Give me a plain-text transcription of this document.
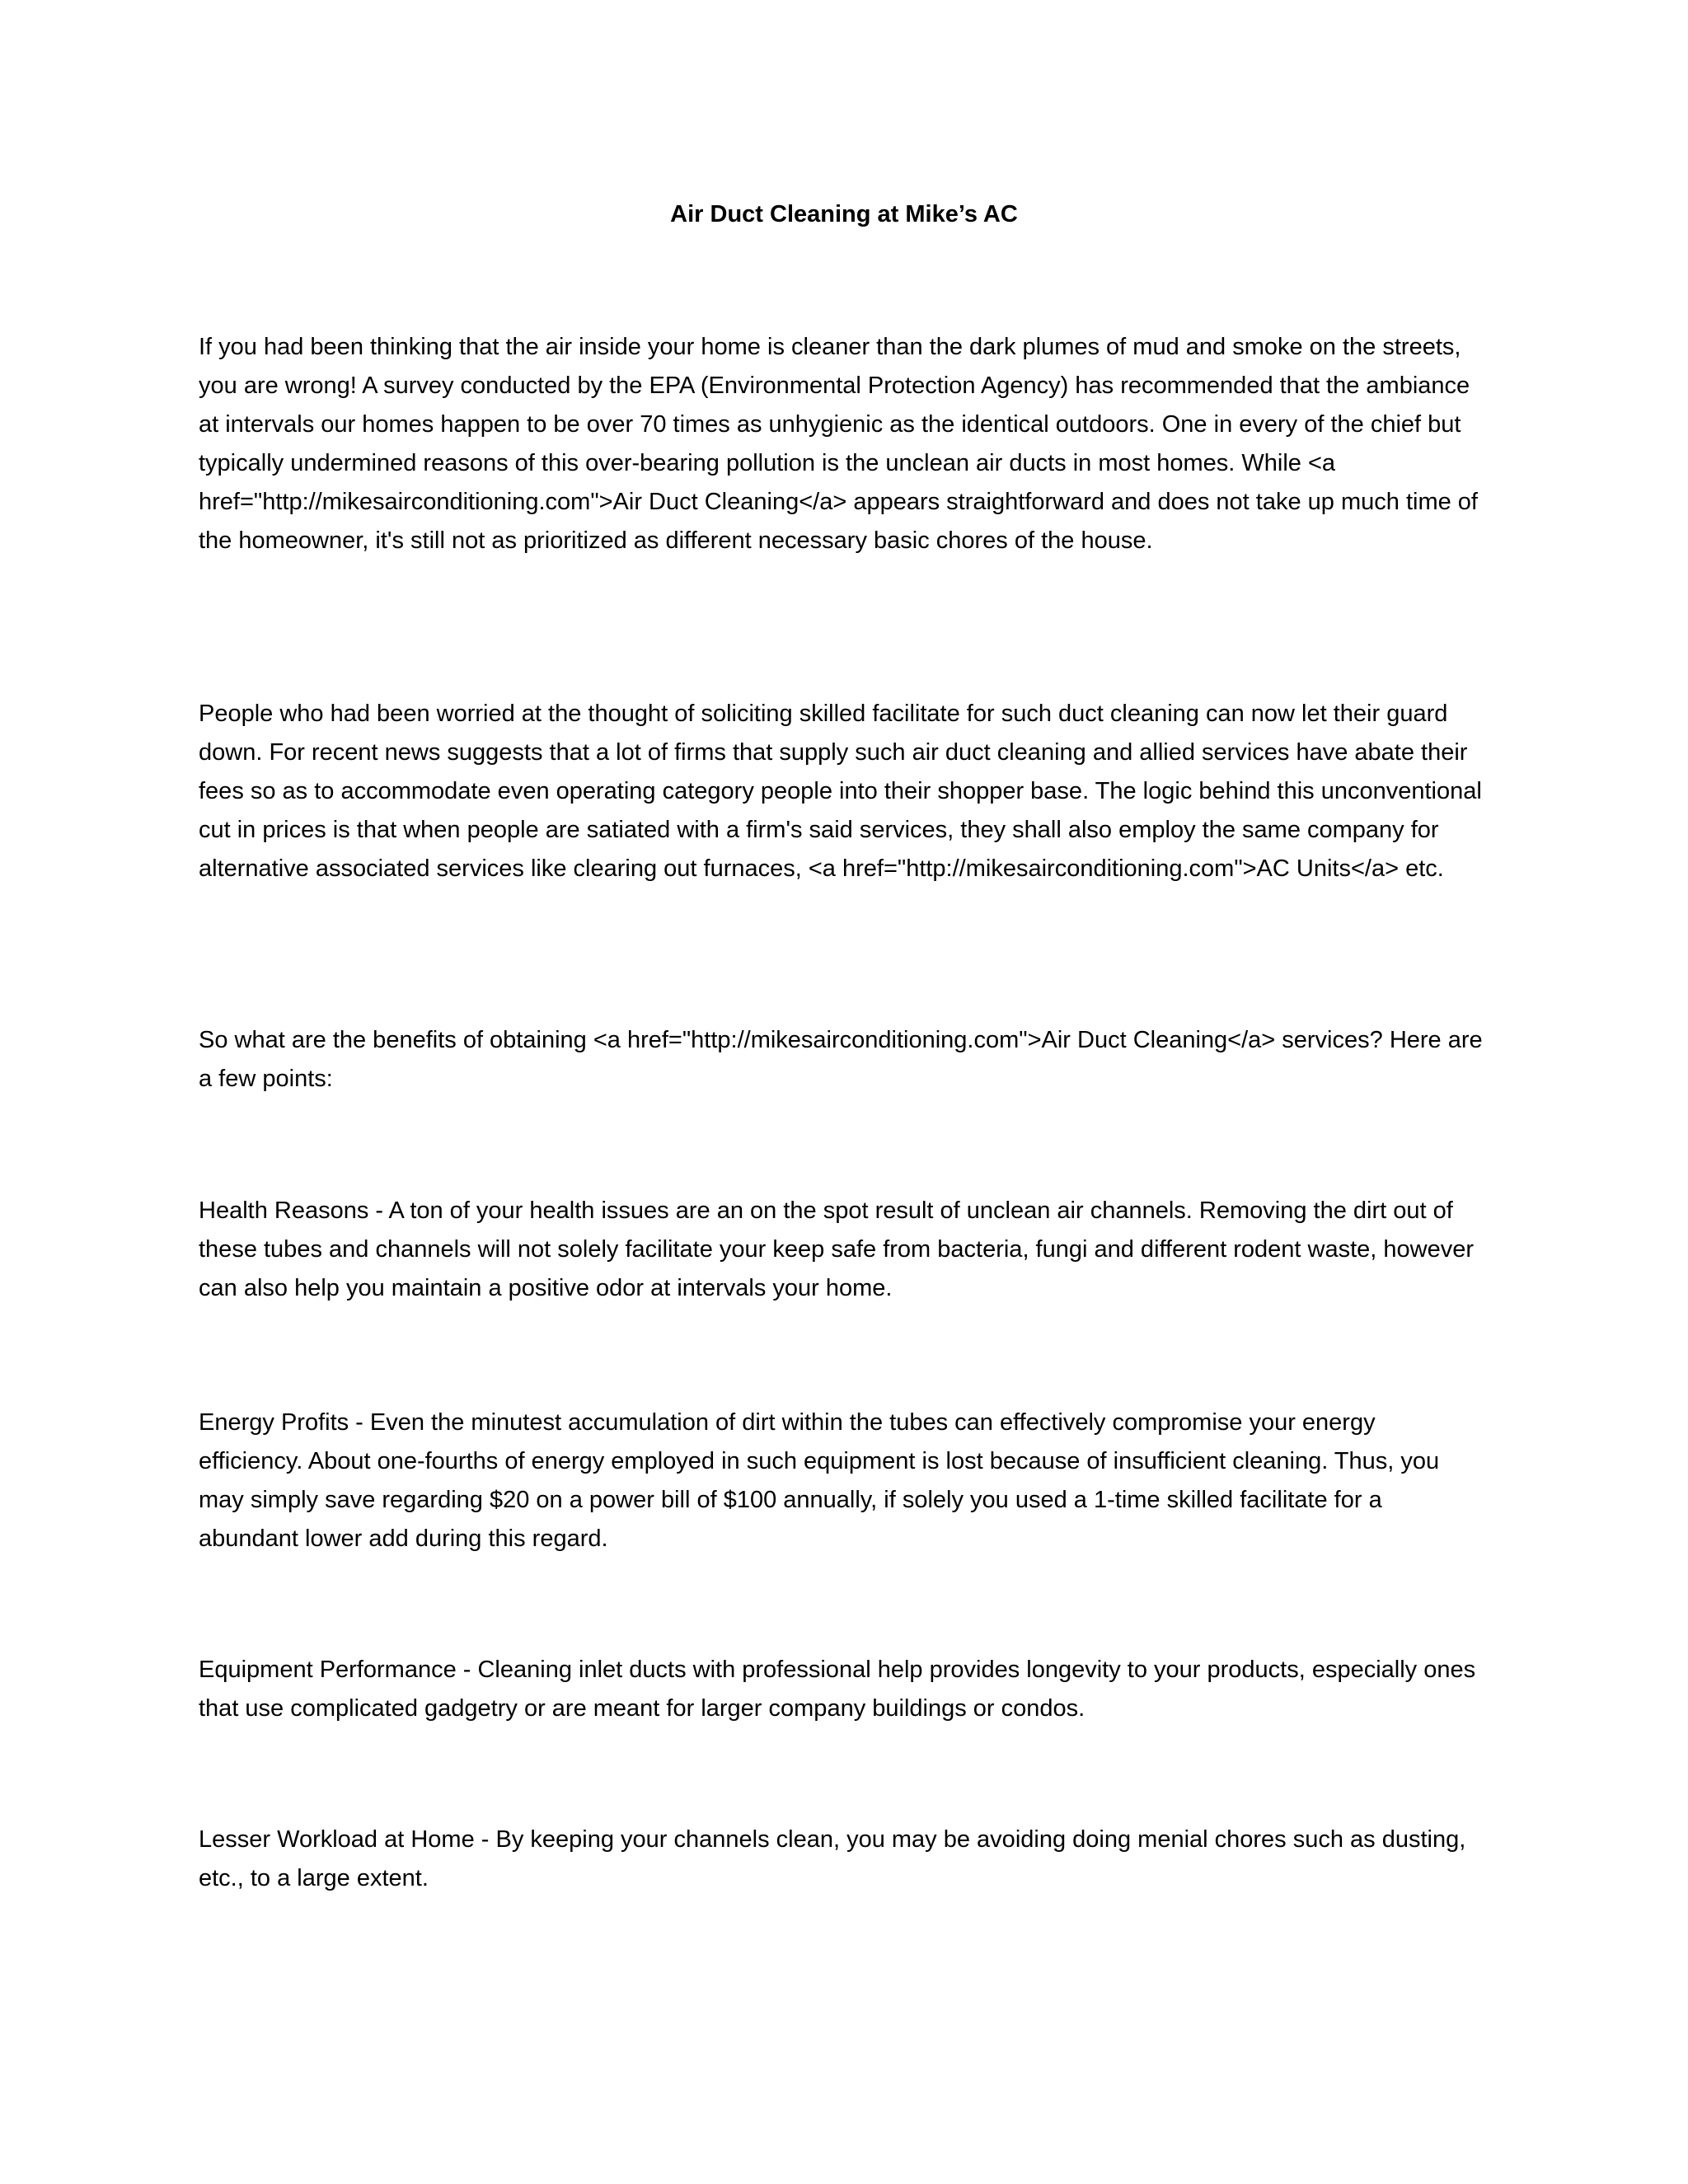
Air Duct Cleaning at Mike’s AC

If you had been thinking that the air inside your home is cleaner than the dark plumes of mud and smoke on the streets, you are wrong! A survey conducted by the EPA (Environmental Protection Agency) has recommended that the ambiance at intervals our homes happen to be over 70 times as unhygienic as the identical outdoors. One in every of the chief but typically undermined reasons of this over-bearing pollution is the unclean air ducts in most homes. While <a href="http://mikesairconditioning.com">Air Duct Cleaning</a> appears straightforward and does not take up much time of the homeowner, it's still not as prioritized as different necessary basic chores of the house.

People who had been worried at the thought of soliciting skilled facilitate for such duct cleaning can now let their guard down. For recent news suggests that a lot of firms that supply such air duct cleaning and allied services have abate their fees so as to accommodate even operating category people into their shopper base. The logic behind this unconventional cut in prices is that when people are satiated with a firm's said services, they shall also employ the same company for alternative associated services like clearing out furnaces, <a href="http://mikesairconditioning.com">AC Units</a> etc.

So what are the benefits of obtaining <a href="http://mikesairconditioning.com">Air Duct Cleaning</a> services? Here are a few points:

Health Reasons - A ton of your health issues are an on the spot result of unclean air channels. Removing the dirt out of these tubes and channels will not solely facilitate your keep safe from bacteria, fungi and different rodent waste, however can also help you maintain a positive odor at intervals your home.

Energy Profits - Even the minutest accumulation of dirt within the tubes can effectively compromise your energy efficiency. About one-fourths of energy employed in such equipment is lost because of insufficient cleaning. Thus, you may simply save regarding $20 on a power bill of $100 annually, if solely you used a 1-time skilled facilitate for a abundant lower add during this regard.

Equipment Performance - Cleaning inlet ducts with professional help provides longevity to your products, especially ones that use complicated gadgetry or are meant for larger company buildings or condos.

Lesser Workload at Home - By keeping your channels clean, you may be avoiding doing menial chores such as dusting, etc., to a large extent.
